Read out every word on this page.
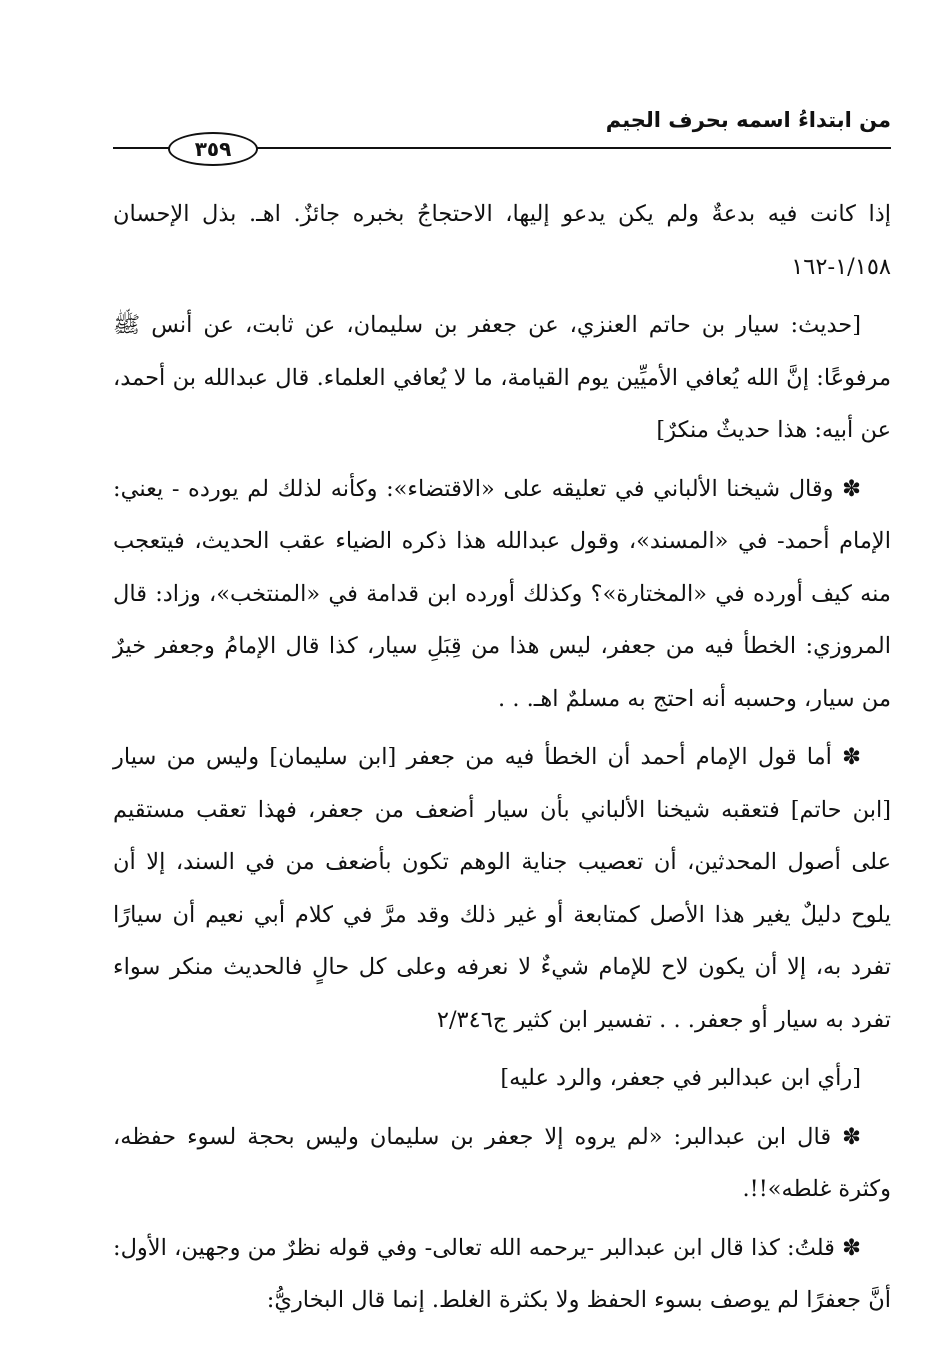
من ابتداءُ اسمه بحرف الجيم
٣٥٩

إذا كانت فيه بدعةٌ ولم يكن يدعو إليها، الاحتجاجُ بخبره جائزٌ. اهـ. بذل الإحسان ١/١٥٨-١٦٢

[حديث: سيار بن حاتم العنزي، عن جعفر بن سليمان، عن ثابت، عن أنس ﷺ مرفوعًا: إنَّ الله يُعافي الأميِّين يوم القيامة، ما لا يُعافي العلماء. قال عبدالله بن أحمد، عن أبيه: هذا حديثٌ منكرٌ]

✽ وقال شيخنا الألباني في تعليقه على «الاقتضاء»: وكأنه لذلك لم يورده - يعني: الإمام أحمد- في «المسند»، وقول عبدالله هذا ذكره الضياء عقب الحديث، فيتعجب منه كيف أورده في «المختارة»؟ وكذلك أورده ابن قدامة في «المنتخب»، وزاد: قال المروزي: الخطأ فيه من جعفر، ليس هذا من قِبَلِ سيار، كذا قال الإمامُ وجعفر خيرٌ من سيار، وحسبه أنه احتج به مسلمٌ اهـ. . .

✽ أما قول الإمام أحمد أن الخطأ فيه من جعفر [ابن سليمان] وليس من سيار [ابن حاتم] فتعقبه شيخنا الألباني بأن سيار أضعف من جعفر، فهذا تعقب مستقيم على أصول المحدثين، أن تعصيب جناية الوهم تكون بأضعف من في السند، إلا أن يلوح دليلٌ يغير هذا الأصل كمتابعة أو غير ذلك وقد مرَّ في كلام أبي نعيم أن سيارًا تفرد به، إلا أن يكون لاح للإمام شيءٌ لا نعرفه وعلى كل حالٍ فالحديث منكر سواء تفرد به سيار أو جعفر. . . تفسير ابن كثير ج٢/٣٤٦

[رأي ابن عبدالبر في جعفر، والرد عليه]

✽ قال ابن عبدالبر: «لم يروه إلا جعفر بن سليمان وليس بحجة لسوء حفظه، وكثرة غلطه»!!.

✽ قلتُ: كذا قال ابن عبدالبر -يرحمه الله تعالى- وفي قوله نظرٌ من وجهين، الأول: أنَّ جعفرًا لم يوصف بسوء الحفظ ولا بكثرة الغلط. إنما قال البخاريُّ:
